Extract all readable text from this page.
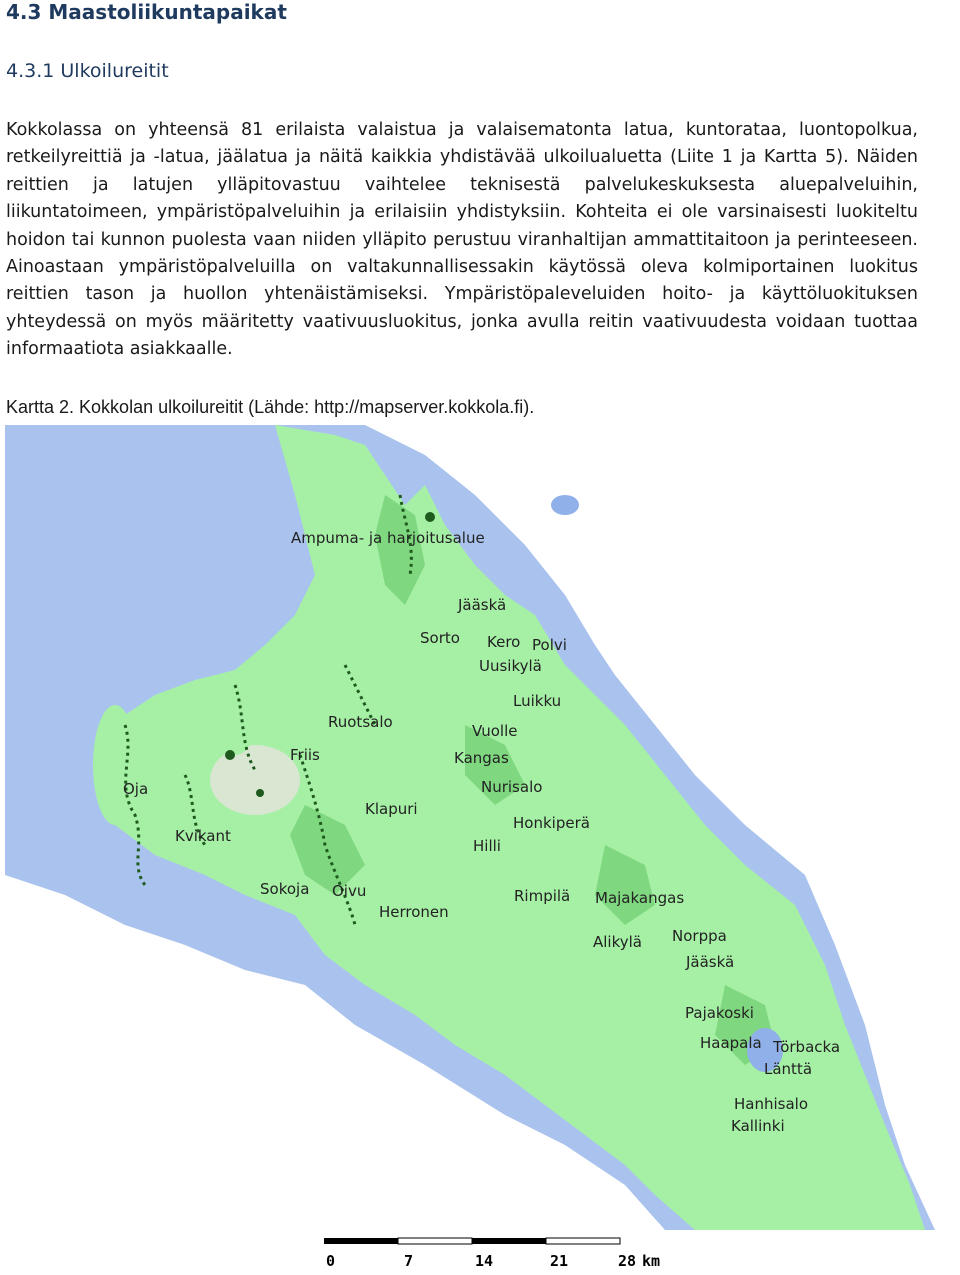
4.3 Maastoliikuntapaikat
4.3.1 Ulkoilureitit
Kokkolassa on yhteensä 81 erilaista valaistua ja valaisematonta latua, kuntorataa, luontopolkua, retkeilyreittiä ja -latua, jäälatua ja näitä kaikkia yhdistävää ulkoilualuetta (Liite 1 ja Kartta 5). Näiden reittien ja latujen ylläpitovastuu vaihtelee teknisestä palvelukeskuksesta aluepalveluihin, liikuntatoimeen, ympäristöpalveluihin ja erilaisiin yhdistyksiin. Kohteita ei ole varsinaisesti luokiteltu hoidon tai kunnon puolesta vaan niiden ylläpito perustuu viranhaltijan ammattitaitoon ja perinteeseen. Ainoastaan ympäristöpalveluilla on valtakunnallisessakin käytössä oleva kolmiportainen luokitus reittien tason ja huollon yhtenäistämiseksi. Ympäristöpaleveluiden hoito- ja käyttöluokituksen yhteydessä on myös määritetty vaativuusluokitus, jonka avulla reitin vaativuudesta voidaan tuottaa informaatiota asiakkaalle.
Kartta 2. Kokkolan ulkoilureitit (Lähde: http://mapserver.kokkola.fi).
Ampuma- ja harjoitusalue
Jääskä
Sorto Kero Polvi
Uusikylä
Luikku
Ruotsalo	Vuolle
Friis	Kangas
Oja	Nurisalo
Klapuri
Honkiperä
Kvikant
Hilli
Sokoja Oivu	Rimpilä Majakangas
Herronen
Alikylä Norppa
Jääskä
Pajakoski
Haapala Törbacka
Länttä
Hanhisalo
Kallinki
0	7	14	21	28 km
